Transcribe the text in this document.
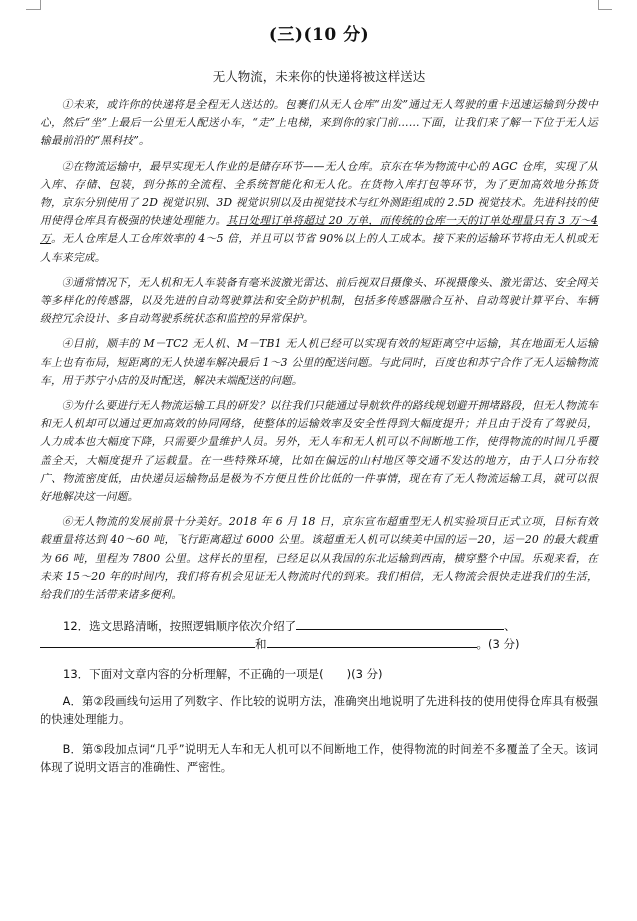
(三)(10 分)
无人物流，未来你的快递将被这样送达

①未来，或许你的快递将是全程无人送达的。包裹们从无人仓库“出发”通过无人驾驶的重卡迅速运输到分拨中心，然后“坐”上最后一公里无人配送小车，“走”上电梯，来到你的家门前……下面，让我们来了解一下位于无人运输最前沿的“黑科技”。

②在物流运输中，最早实现无人作业的是储存环节——无人仓库。京东在华为物流中心的 AGC 仓库，实现了从入库、存储、包装，到分拣的全流程、全系统智能化和无人化。在货物入库打包等环节，为了更加高效地分拣货物，京东分别使用了 2D 视觉识别、3D 视觉识别以及由视觉技术与红外测距组成的 2.5D 视觉技术。先进科技的使用使得仓库具有极强的快速处理能力。其日处理订单将超过 20 万单，而传统的仓库一天的订单处理量只有 3 万～4 万。无人仓库是人工仓库效率的 4～5 倍，并且可以节省 90%以上的人工成本。接下来的运输环节将由无人机或无人车来完成。

③通常情况下，无人机和无人车装备有毫米波激光雷达、前后视双目摄像头、环视摄像头、激光雷达、安全网关等多样化的传感器，以及先进的自动驾驶算法和安全防护机制，包括多传感器融合互补、自动驾驶计算平台、车辆级控冗余设计、多自动驾驶系统状态和监控的异常保护。

④目前，顺丰的 M－TC2 无人机、M－TB1 无人机已经可以实现有效的短距离空中运输，其在地面无人运输车上也有布局，短距离的无人快递车解决最后 1～3 公里的配送问题。与此同时，百度也和苏宁合作了无人运输物流车，用于苏宁小店的及时配送，解决末端配送的问题。

⑤为什么要进行无人物流运输工具的研发？以往我们只能通过导航软件的路线规划避开拥堵路段，但无人物流车和无人机却可以通过更加高效的协同网络，使整体的运输效率及安全性得到大幅度提升；并且由于没有了驾驶员，人力成本也大幅度下降，只需要少量维护人员。另外，无人车和无人机可以不间断地工作，使得物流的时间几乎覆盖全天，大幅度提升了运载量。在一些特殊环境，比如在偏远的山村地区等交通不发达的地方，由于人口分布较广、物流密度低，由快递员运输物品是极为不方便且性价比低的一件事情，现在有了无人物流运输工具，就可以很好地解决这一问题。

⑥无人物流的发展前景十分美好。2018 年 6 月 18 日，京东宣布超重型无人机实验项目正式立项，目标有效载重量将达到 40～60 吨，飞行距离超过 6000 公里。该超重无人机可以续美中国的运－20，运－20 的最大载重为 66 吨，里程为 7800 公里。这样长的里程，已经足以从我国的东北运输到西南，横穿整个中国。乐观来看，在未来 15～20 年的时间内，我们将有机会见证无人物流时代的到来。我们相信，无人物流会很快走进我们的生活，给我们的生活带来诸多便利。

12．选文思路清晰，按照逻辑顺序依次介绍了	、

和	。(3 分)

13．下面对文章内容的分析理解，不正确的一项是(　　)(3 分)

A．第②段画线句运用了列数字、作比较的说明方法，准确突出地说明了先进科技的使用使得仓库具有极强的快速处理能力。

B．第⑤段加点词“几乎”说明无人车和无人机可以不间断地工作，使得物流的时间差不多覆盖了全天。该词体现了说明文语言的准确性、严密性。
